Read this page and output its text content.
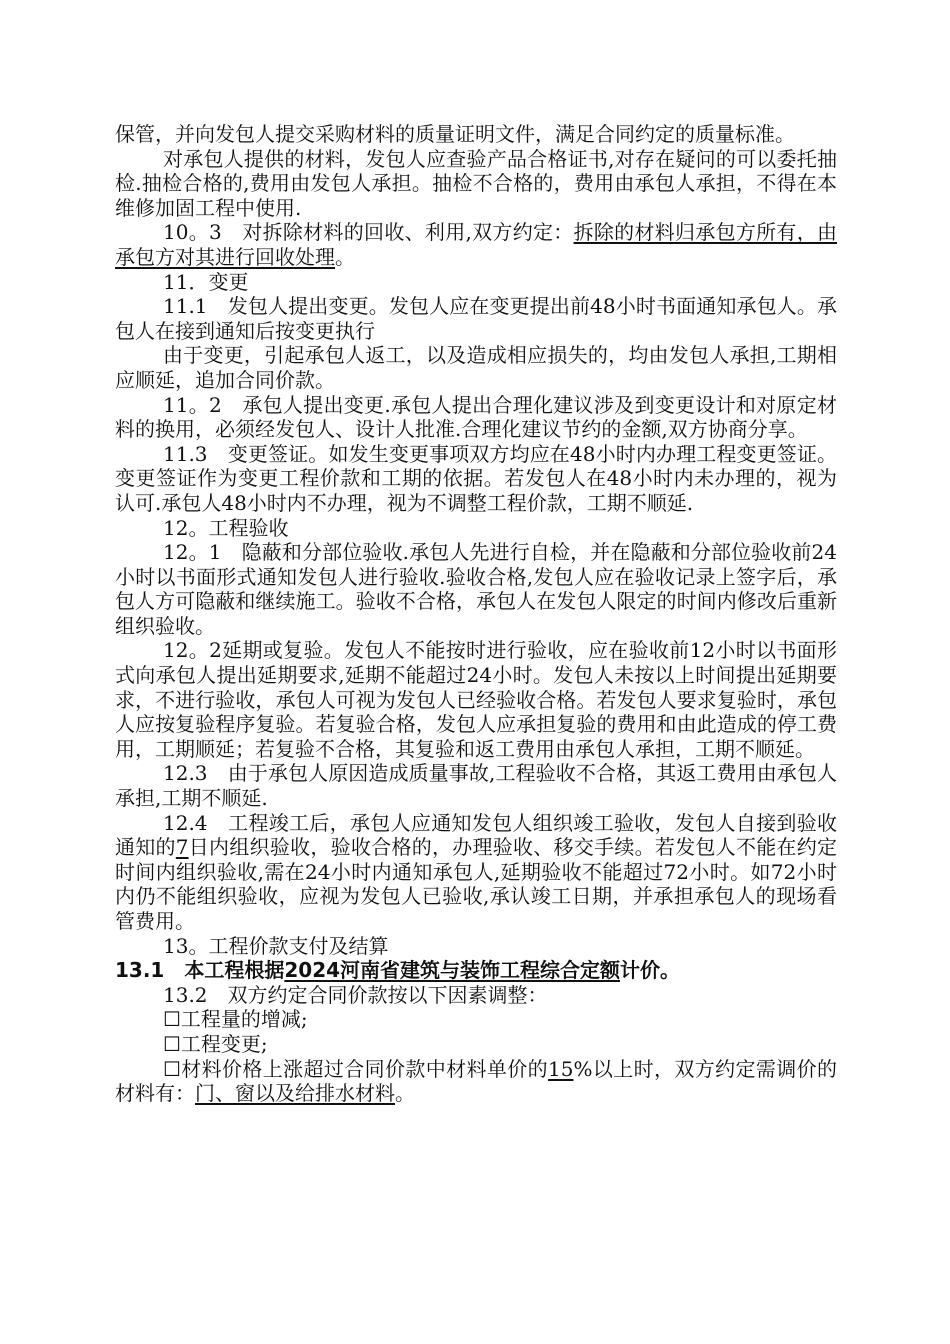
保管，并向发包人提交采购材料的质量证明文件，满足合同约定的质量标准。

对承包人提供的材料，发包人应查验产品合格证书,对存在疑问的可以委托抽检.抽检合格的,费用由发包人承担。抽检不合格的，费用由承包人承担，不得在本维修加固工程中使用.

10。3　对拆除材料的回收、利用,双方约定：拆除的材料归承包方所有，由承包方对其进行回收处理。

11．变更

11.1　发包人提出变更。发包人应在变更提出前48小时书面通知承包人。承包人在接到通知后按变更执行

由于变更，引起承包人返工，以及造成相应损失的，均由发包人承担,工期相应顺延，追加合同价款。

11。2　承包人提出变更.承包人提出合理化建议涉及到变更设计和对原定材料的换用，必须经发包人、设计人批准.合理化建议节约的金额,双方协商分享。

11.3　变更签证。如发生变更事项双方均应在48小时内办理工程变更签证。变更签证作为变更工程价款和工期的依据。若发包人在48小时内未办理的，视为认可.承包人48小时内不办理，视为不调整工程价款，工期不顺延.

12。工程验收

12。1　隐蔽和分部位验收.承包人先进行自检，并在隐蔽和分部位验收前24小时以书面形式通知发包人进行验收.验收合格,发包人应在验收记录上签字后，承包人方可隐蔽和继续施工。验收不合格，承包人在发包人限定的时间内修改后重新组织验收。

12。2延期或复验。发包人不能按时进行验收，应在验收前12小时以书面形式向承包人提出延期要求,延期不能超过24小时。发包人未按以上时间提出延期要求，不进行验收，承包人可视为发包人已经验收合格。若发包人要求复验时，承包人应按复验程序复验。若复验合格，发包人应承担复验的费用和由此造成的停工费用，工期顺延；若复验不合格，其复验和返工费用由承包人承担，工期不顺延。

12.3　由于承包人原因造成质量事故,工程验收不合格，其返工费用由承包人承担,工期不顺延.

12.4　工程竣工后，承包人应通知发包人组织竣工验收，发包人自接到验收通知的7日内组织验收，验收合格的，办理验收、移交手续。若发包人不能在约定时间内组织验收,需在24小时内通知承包人,延期验收不能超过72小时。如72小时内仍不能组织验收，应视为发包人已验收,承认竣工日期，并承担承包人的现场看管费用。

13。工程价款支付及结算

13.1　本工程根据2024河南省建筑与装饰工程综合定额计价。

13.2　双方约定合同价款按以下因素调整：

☐工程量的增减;

☐工程变更;

☐材料价格上涨超过合同价款中材料单价的15%以上时，双方约定需调价的材料有：门、窗以及给排水材料。
